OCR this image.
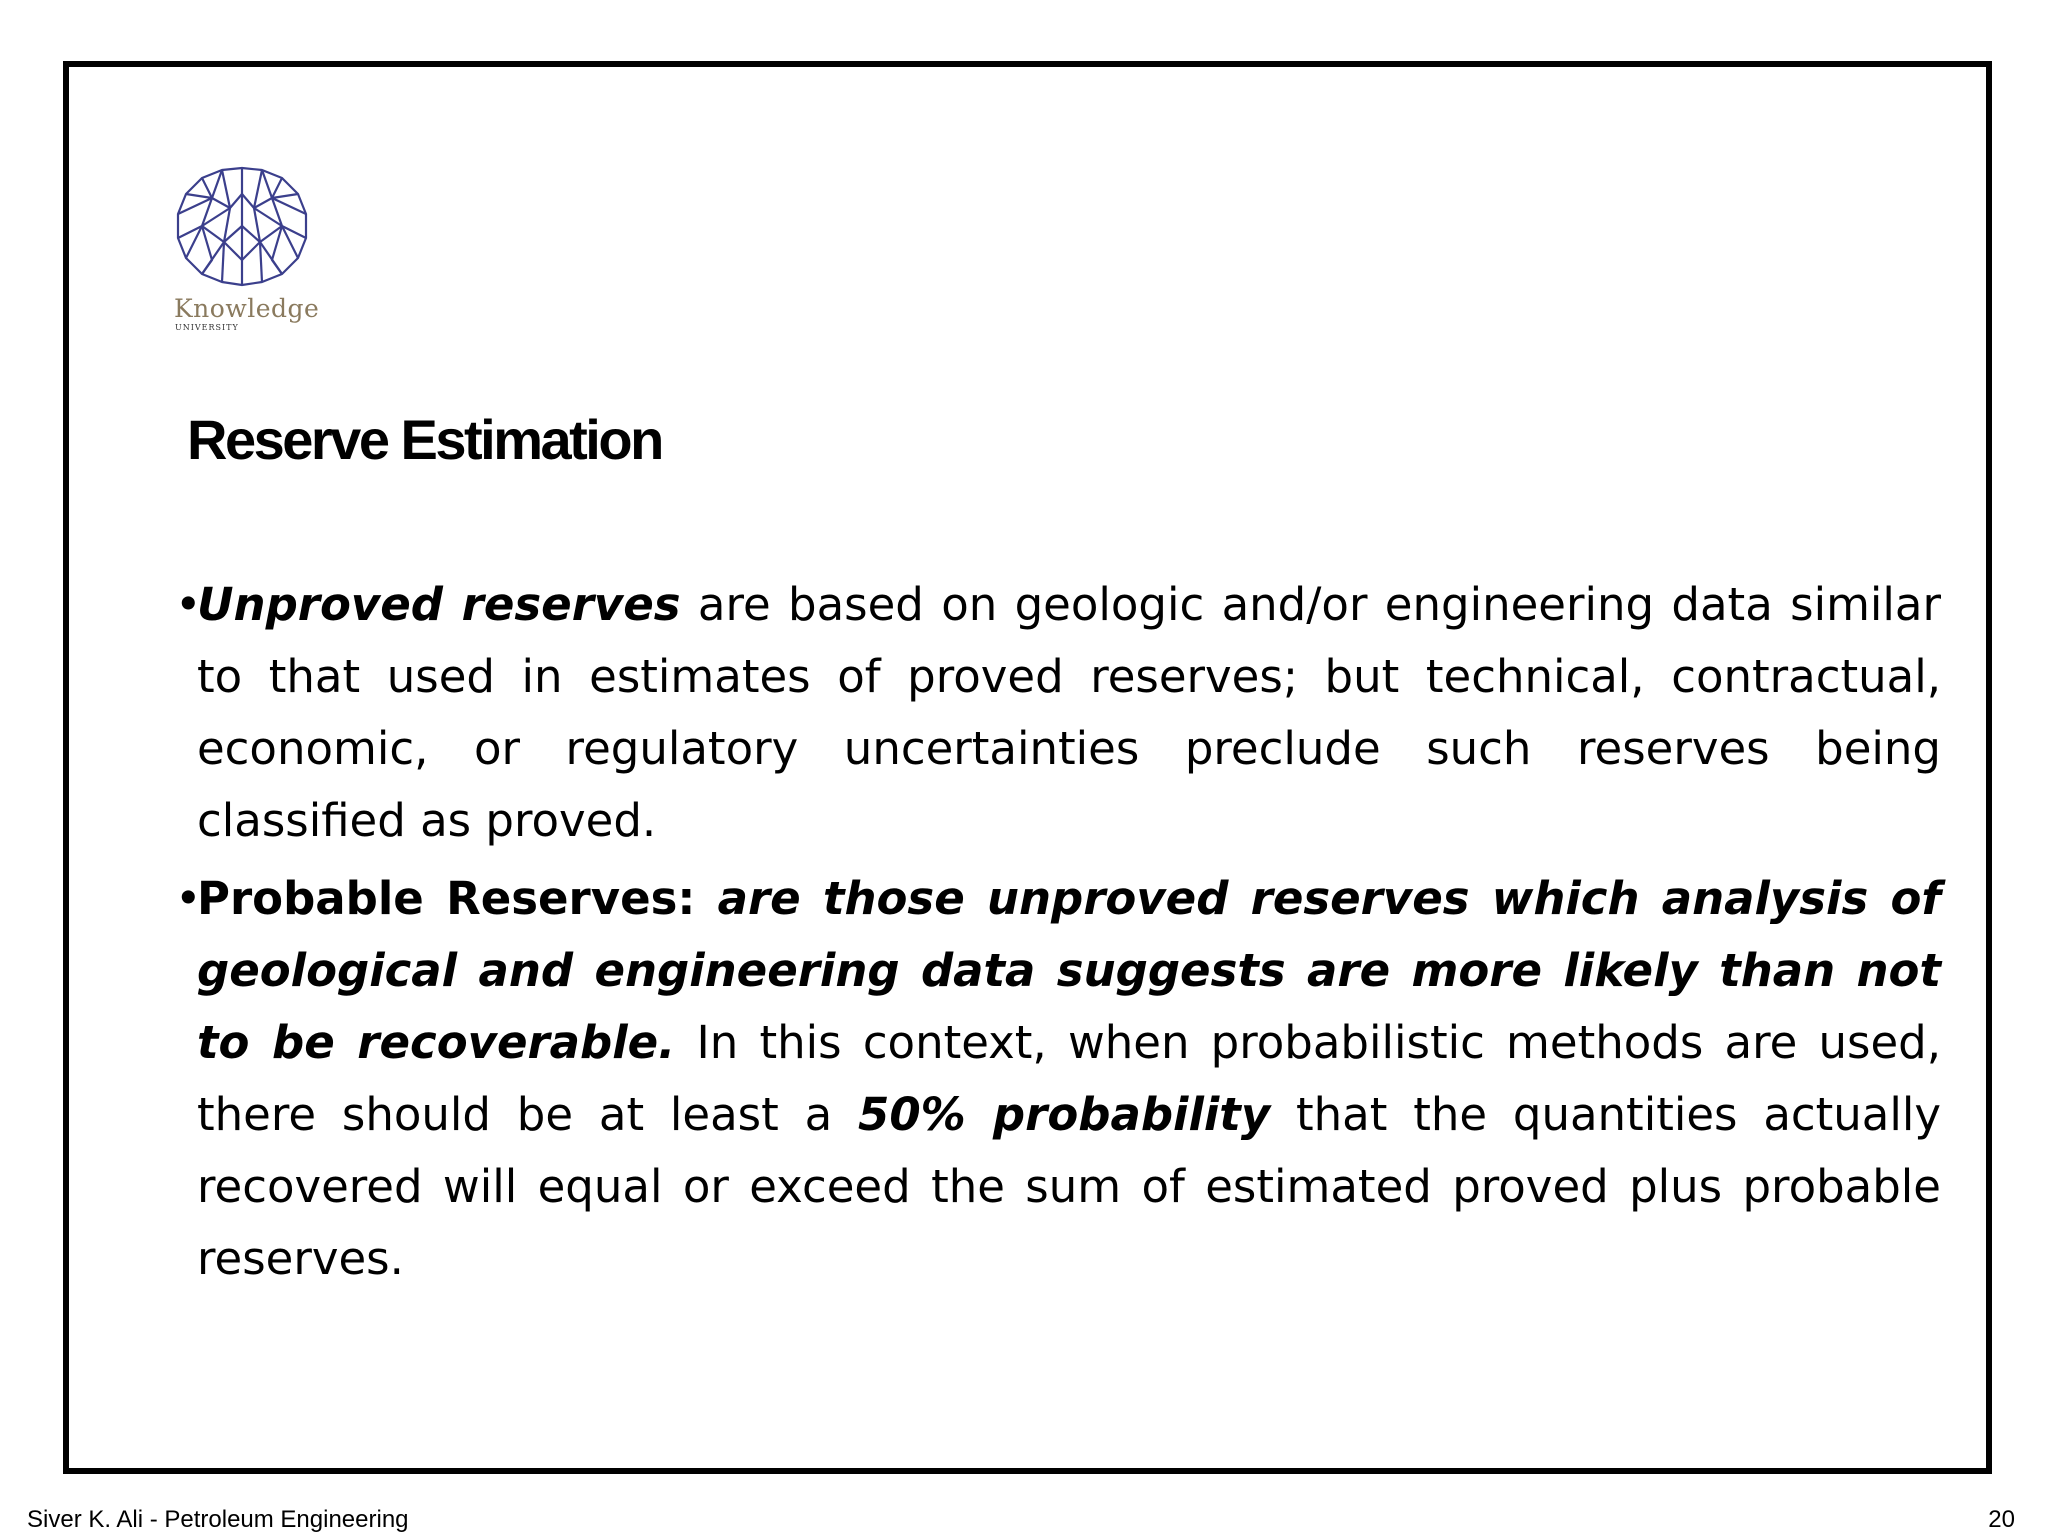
Knowledge
UNIVERSITY
Reserve Estimation

•
Unproved reserves are based on geologic and/or engineering data similar to that used in estimates of proved reserves; but technical, contractual, economic, or regulatory uncertainties preclude such reserves being classified as proved.

•
Probable Reserves: are those unproved reserves which analysis of geological and engineering data suggests are more likely than not to be recoverable. In this context, when probabilistic methods are used, there should be at least a 50% probability that the quantities actually recovered will equal or exceed the sum of estimated proved plus probable reserves.

Siver K. Ali - Petroleum Engineering	20
